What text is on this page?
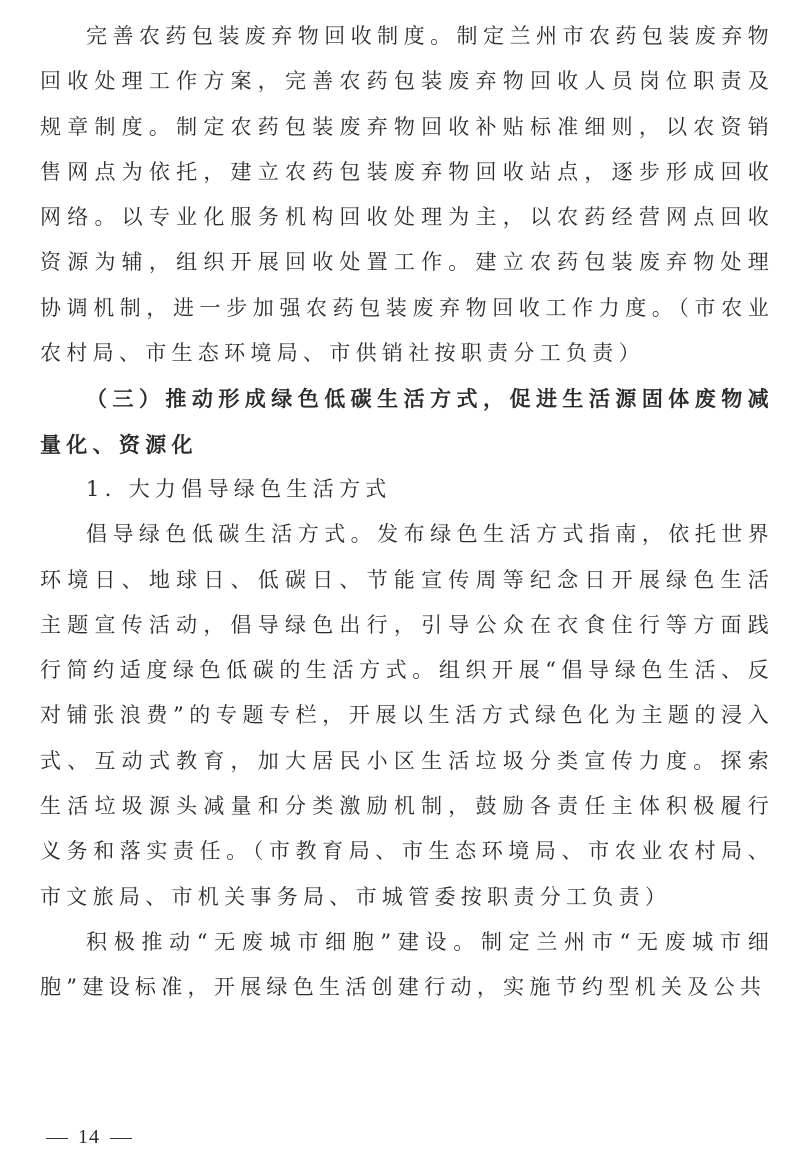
完善农药包装废弃物回收制度。制定兰州市农药包装废弃物回收处理工作方案，完善农药包装废弃物回收人员岗位职责及规章制度。制定农药包装废弃物回收补贴标准细则，以农资销售网点为依托，建立农药包装废弃物回收站点，逐步形成回收网络。以专业化服务机构回收处理为主，以农药经营网点回收资源为辅，组织开展回收处置工作。建立农药包装废弃物处理协调机制，进一步加强农药包装废弃物回收工作力度。（市农业农村局、市生态环境局、市供销社按职责分工负责）

（三）推动形成绿色低碳生活方式，促进生活源固体废物减量化、资源化

1. 大力倡导绿色生活方式

倡导绿色低碳生活方式。发布绿色生活方式指南，依托世界环境日、地球日、低碳日、节能宣传周等纪念日开展绿色生活主题宣传活动，倡导绿色出行，引导公众在衣食住行等方面践行简约适度绿色低碳的生活方式。组织开展“倡导绿色生活、反对铺张浪费”的专题专栏，开展以生活方式绿色化为主题的浸入式、互动式教育，加大居民小区生活垃圾分类宣传力度。探索生活垃圾源头减量和分类激励机制，鼓励各责任主体积极履行义务和落实责任。（市教育局、市生态环境局、市农业农村局、市文旅局、市机关事务局、市城管委按职责分工负责）

积极推动“无废城市细胞”建设。制定兰州市“无废城市细胞”建设标准，开展绿色生活创建行动，实施节约型机关及公共

14
